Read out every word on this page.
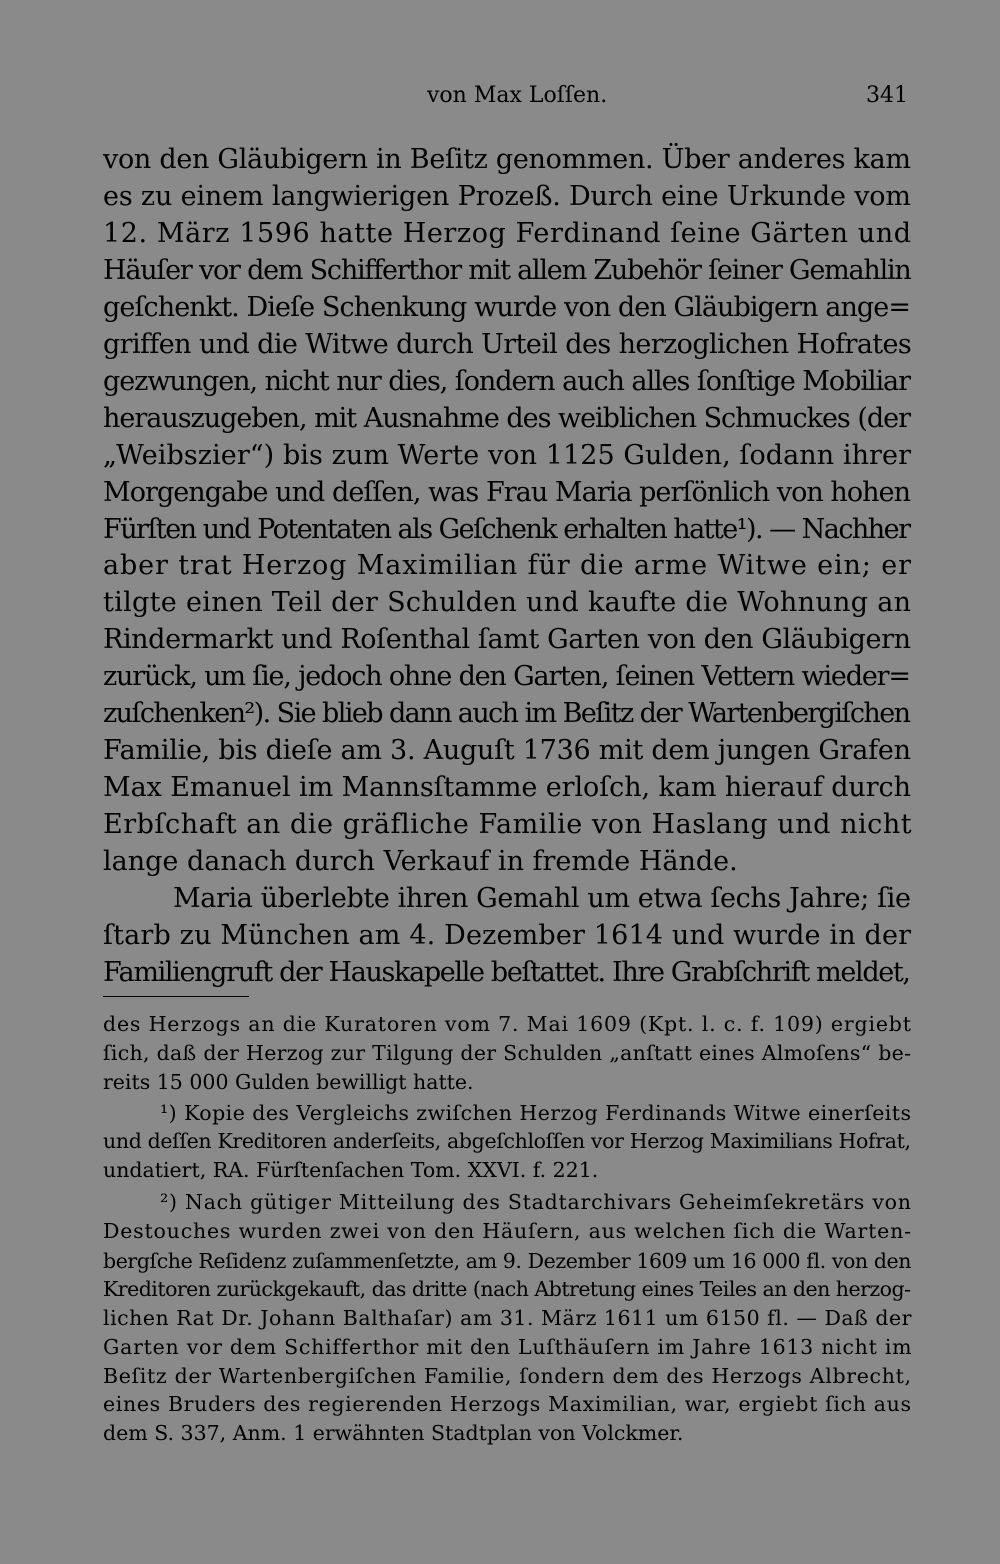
von Max Loſſen.	341
von den Gläubigern in Beſitz genommen. Über anderes kam
es zu einem langwierigen Prozeß. Durch eine Urkunde vom
12. März 1596 hatte Herzog Ferdinand ſeine Gärten und
Häuſer vor dem Schifferthor mit allem Zubehör ſeiner Gemahlin
geſchenkt. Dieſe Schenkung wurde von den Gläubigern ange=
griffen und die Witwe durch Urteil des herzoglichen Hofrates
gezwungen, nicht nur dies, ſondern auch alles ſonſtige Mobiliar
herauszugeben, mit Ausnahme des weiblichen Schmuckes (der
„Weibszier“) bis zum Werte von 1125 Gulden, ſodann ihrer
Morgengabe und deſſen, was Frau Maria perſönlich von hohen
Fürſten und Potentaten als Geſchenk erhalten hatte¹). — Nachher
aber trat Herzog Maximilian für die arme Witwe ein; er
tilgte einen Teil der Schulden und kaufte die Wohnung an
Rindermarkt und Roſenthal ſamt Garten von den Gläubigern
zurück, um ſie, jedoch ohne den Garten, ſeinen Vettern wieder=
zuſchenken²). Sie blieb dann auch im Beſitz der Wartenbergiſchen
Familie, bis dieſe am 3. Auguſt 1736 mit dem jungen Grafen
Max Emanuel im Mannsſtamme erloſch, kam hierauf durch
Erbſchaft an die gräfliche Familie von Haslang und nicht
lange danach durch Verkauf in fremde Hände.
Maria überlebte ihren Gemahl um etwa ſechs Jahre; ſie
ſtarb zu München am 4. Dezember 1614 und wurde in der
Familiengruft der Hauskapelle beſtattet. Ihre Grabſchrift meldet,
des Herzogs an die Kuratoren vom 7. Mai 1609 (Kpt. l. c. f. 109) ergiebt
ſich, daß der Herzog zur Tilgung der Schulden „anſtatt eines Almoſens“ be-
reits 15 000 Gulden bewilligt hatte.
¹) Kopie des Vergleichs zwiſchen Herzog Ferdinands Witwe einerſeits
und deſſen Kreditoren anderſeits, abgeſchloſſen vor Herzog Maximilians Hofrat,
undatiert, RA. Fürſtenſachen Tom. XXVI. f. 221.
²) Nach gütiger Mitteilung des Stadtarchivars Geheimſekretärs von
Destouches wurden zwei von den Häuſern, aus welchen ſich die Warten-
bergſche Reſidenz zuſammenſetzte, am 9. Dezember 1609 um 16 000 fl. von den
Kreditoren zurückgekauft, das dritte (nach Abtretung eines Teiles an den herzog-
lichen Rat Dr. Johann Balthaſar) am 31. März 1611 um 6150 fl. — Daß der
Garten vor dem Schifferthor mit den Luſthäuſern im Jahre 1613 nicht im
Beſitz der Wartenbergiſchen Familie, ſondern dem des Herzogs Albrecht,
eines Bruders des regierenden Herzogs Maximilian, war, ergiebt ſich aus
dem S. 337, Anm. 1 erwähnten Stadtplan von Volckmer.
